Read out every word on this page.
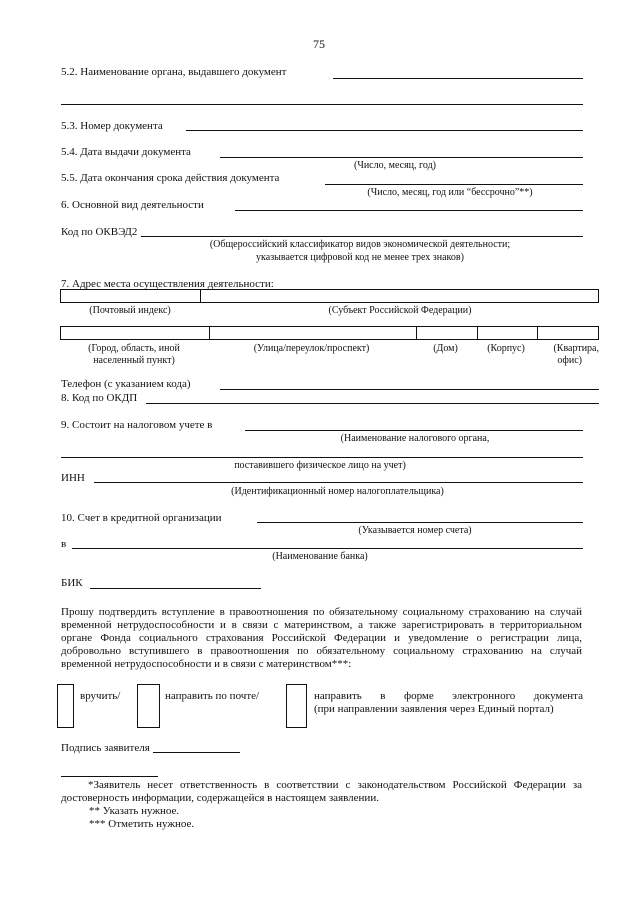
75
5.2. Наименование органа, выдавшего документ
5.3. Номер документа
5.4. Дата выдачи документа
(Число, месяц, год)
5.5. Дата окончания срока действия документа
(Число, месяц, год или “бессрочно”**)
6. Основной вид деятельности
Код по ОКВЭД2
(Общероссийский классификатор видов экономической деятельности;
указывается цифровой код не менее трех знаков)
7. Адрес места осуществления деятельности:
(Почтовый индекс)	(Субъект Российской Федерации)
(Город, область, иной
населенный пункт)
(Улица/переулок/проспект)	(Дом)	(Корпус)	(Квартира,
офис)
Телефон (с указанием кода)
8. Код по ОКДП
9. Состоит на налоговом учете в
(Наименование налогового органа,
поставившего физическое лицо на учет)
ИНН
(Идентификационный номер налогоплательщика)
10. Счет в кредитной организации
(Указывается номер счета)
в
(Наименование банка)
БИК
Прошу подтвердить вступление в правоотношения по обязательному социальному страхованию на случай временной нетрудоспособности и в связи с материнством, а также зарегистрировать в территориальном органе Фонда социального страхования Российской Федерации и уведомление о регистрации лица, добровольно вступившего в правоотношения по обязательному социальному страхованию на случай временной нетрудоспособности и в связи с материнством***:
вручить/	направить по почте/	направить в форме электронного документа
(при направлении заявления через Единый портал)
Подпись заявителя
*Заявитель несет ответственность в соответствии с законодательством Российской Федерации за достоверность информации, содержащейся в настоящем заявлении.
** Указать нужное.
*** Отметить нужное.
